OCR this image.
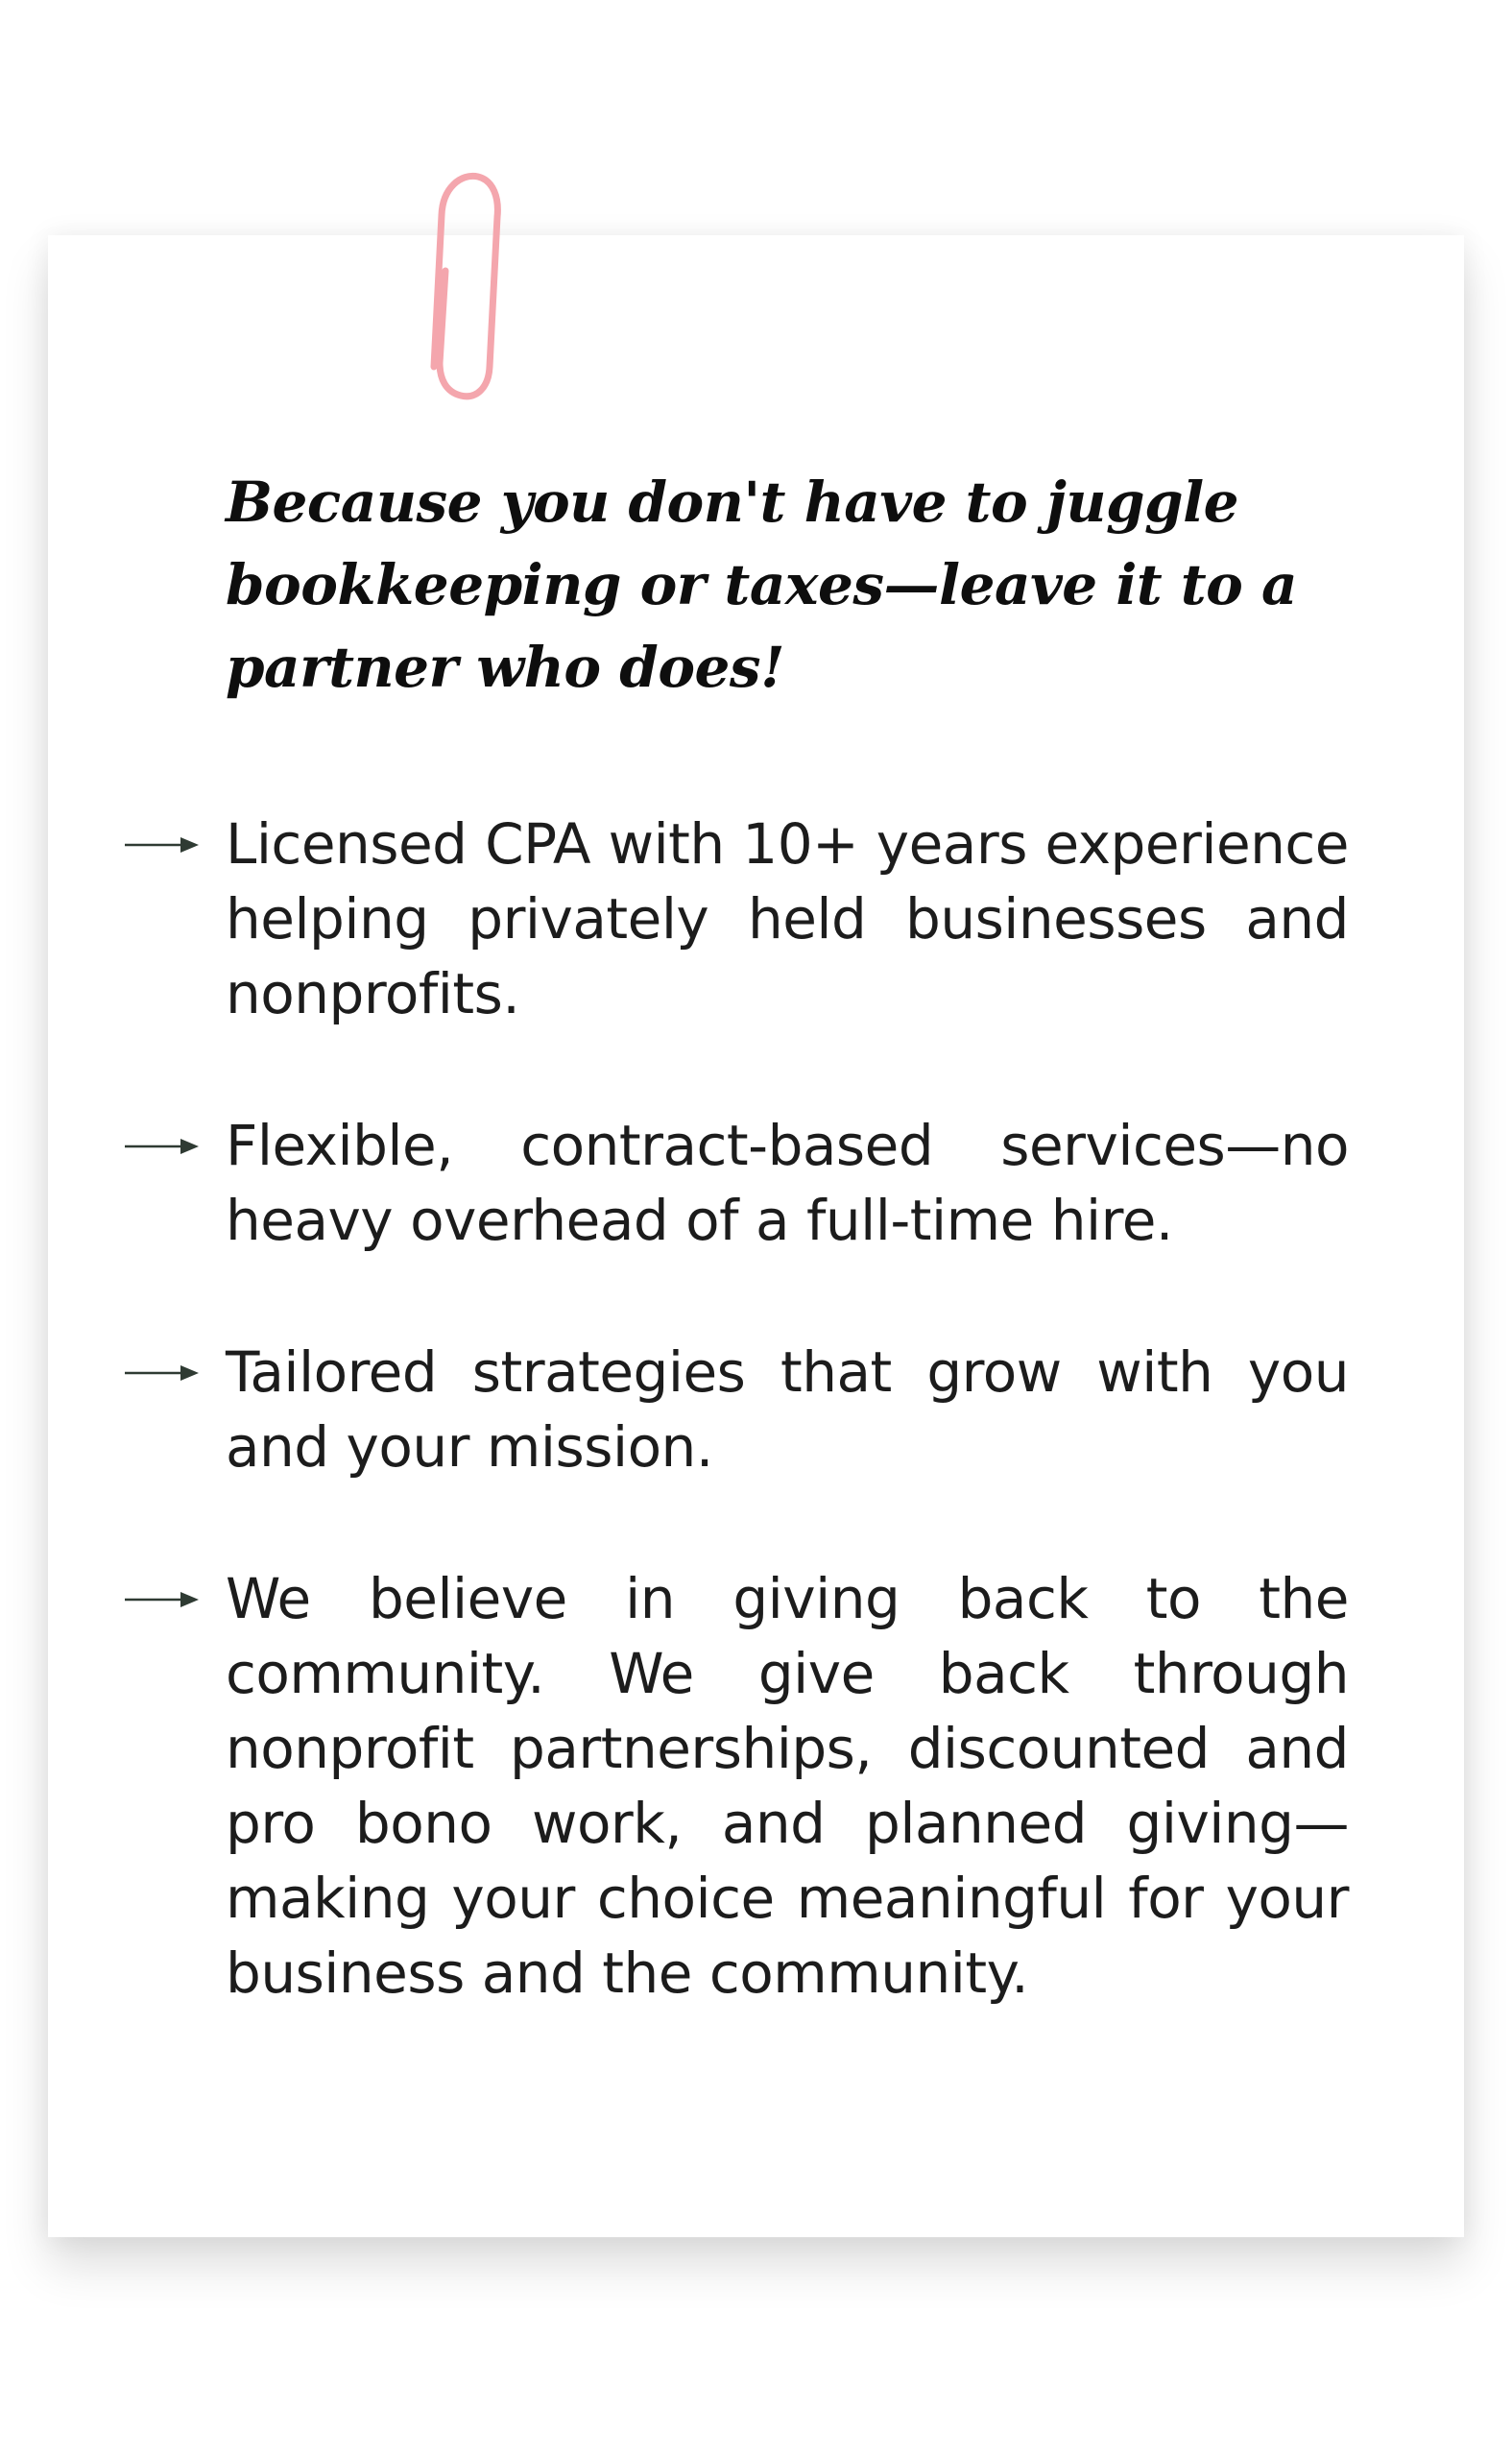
Because you don't have to juggle bookkeeping or taxes—leave it to a partner who does!

Licensed CPA with 10+ years experience helping privately held businesses and nonprofits.
Flexible, contract-based services—no heavy overhead of a full-time hire.
Tailored strategies that grow with you and your mission.
We believe in giving back to the community. We give back through nonprofit partnerships, discounted and pro bono work, and planned giving—making your choice meaningful for your business and the community.
